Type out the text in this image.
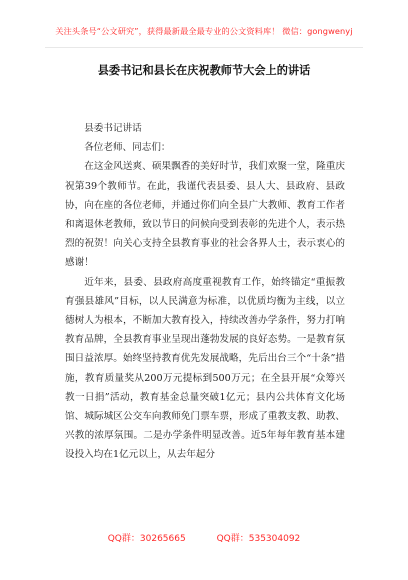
关注头条号“公文研究”，获得最新最全最专业的公文资料库！ 微信：gongwenyj
县委书记和县长在庆祝教师节大会上的讲话

县委书记讲话

各位老师、同志们：

在这金风送爽、硕果飘香的美好时节，我们欢聚一堂，隆重庆祝第39个教师节。在此，我谨代表县委、县人大、县政府、县政协，向在座的各位老师，并通过你们向全县广大教师、教育工作者和离退休老教师，致以节日的问候向受到表彰的先进个人，表示热烈的祝贺！向关心支持全县教育事业的社会各界人士，表示衷心的感谢！

近年来，县委、县政府高度重视教育工作，始终锚定“重振教育强县雄风”目标，以人民满意为标准，以优质均衡为主线，以立德树人为根本，不断加大教育投入，持续改善办学条件，努力打响教育品牌，全县教育事业呈现出蓬勃发展的良好态势。一是教育氛围日益浓厚。始终坚持教育优先发展战略，先后出台三个“十条”措施，教育质量奖从200万元提标到500万元；在全县开展“众筹兴教一日捐”活动，教育基金总量突破1亿元；县内公共体育文化场馆、城际城区公交车向教师免门票车票，形成了重教支教、助教、兴教的浓厚氛围。二是办学条件明显改善。近5年每年教育基本建设投入均在1亿元以上，从去年起分

QQ群：30265665	QQ群：535304092
